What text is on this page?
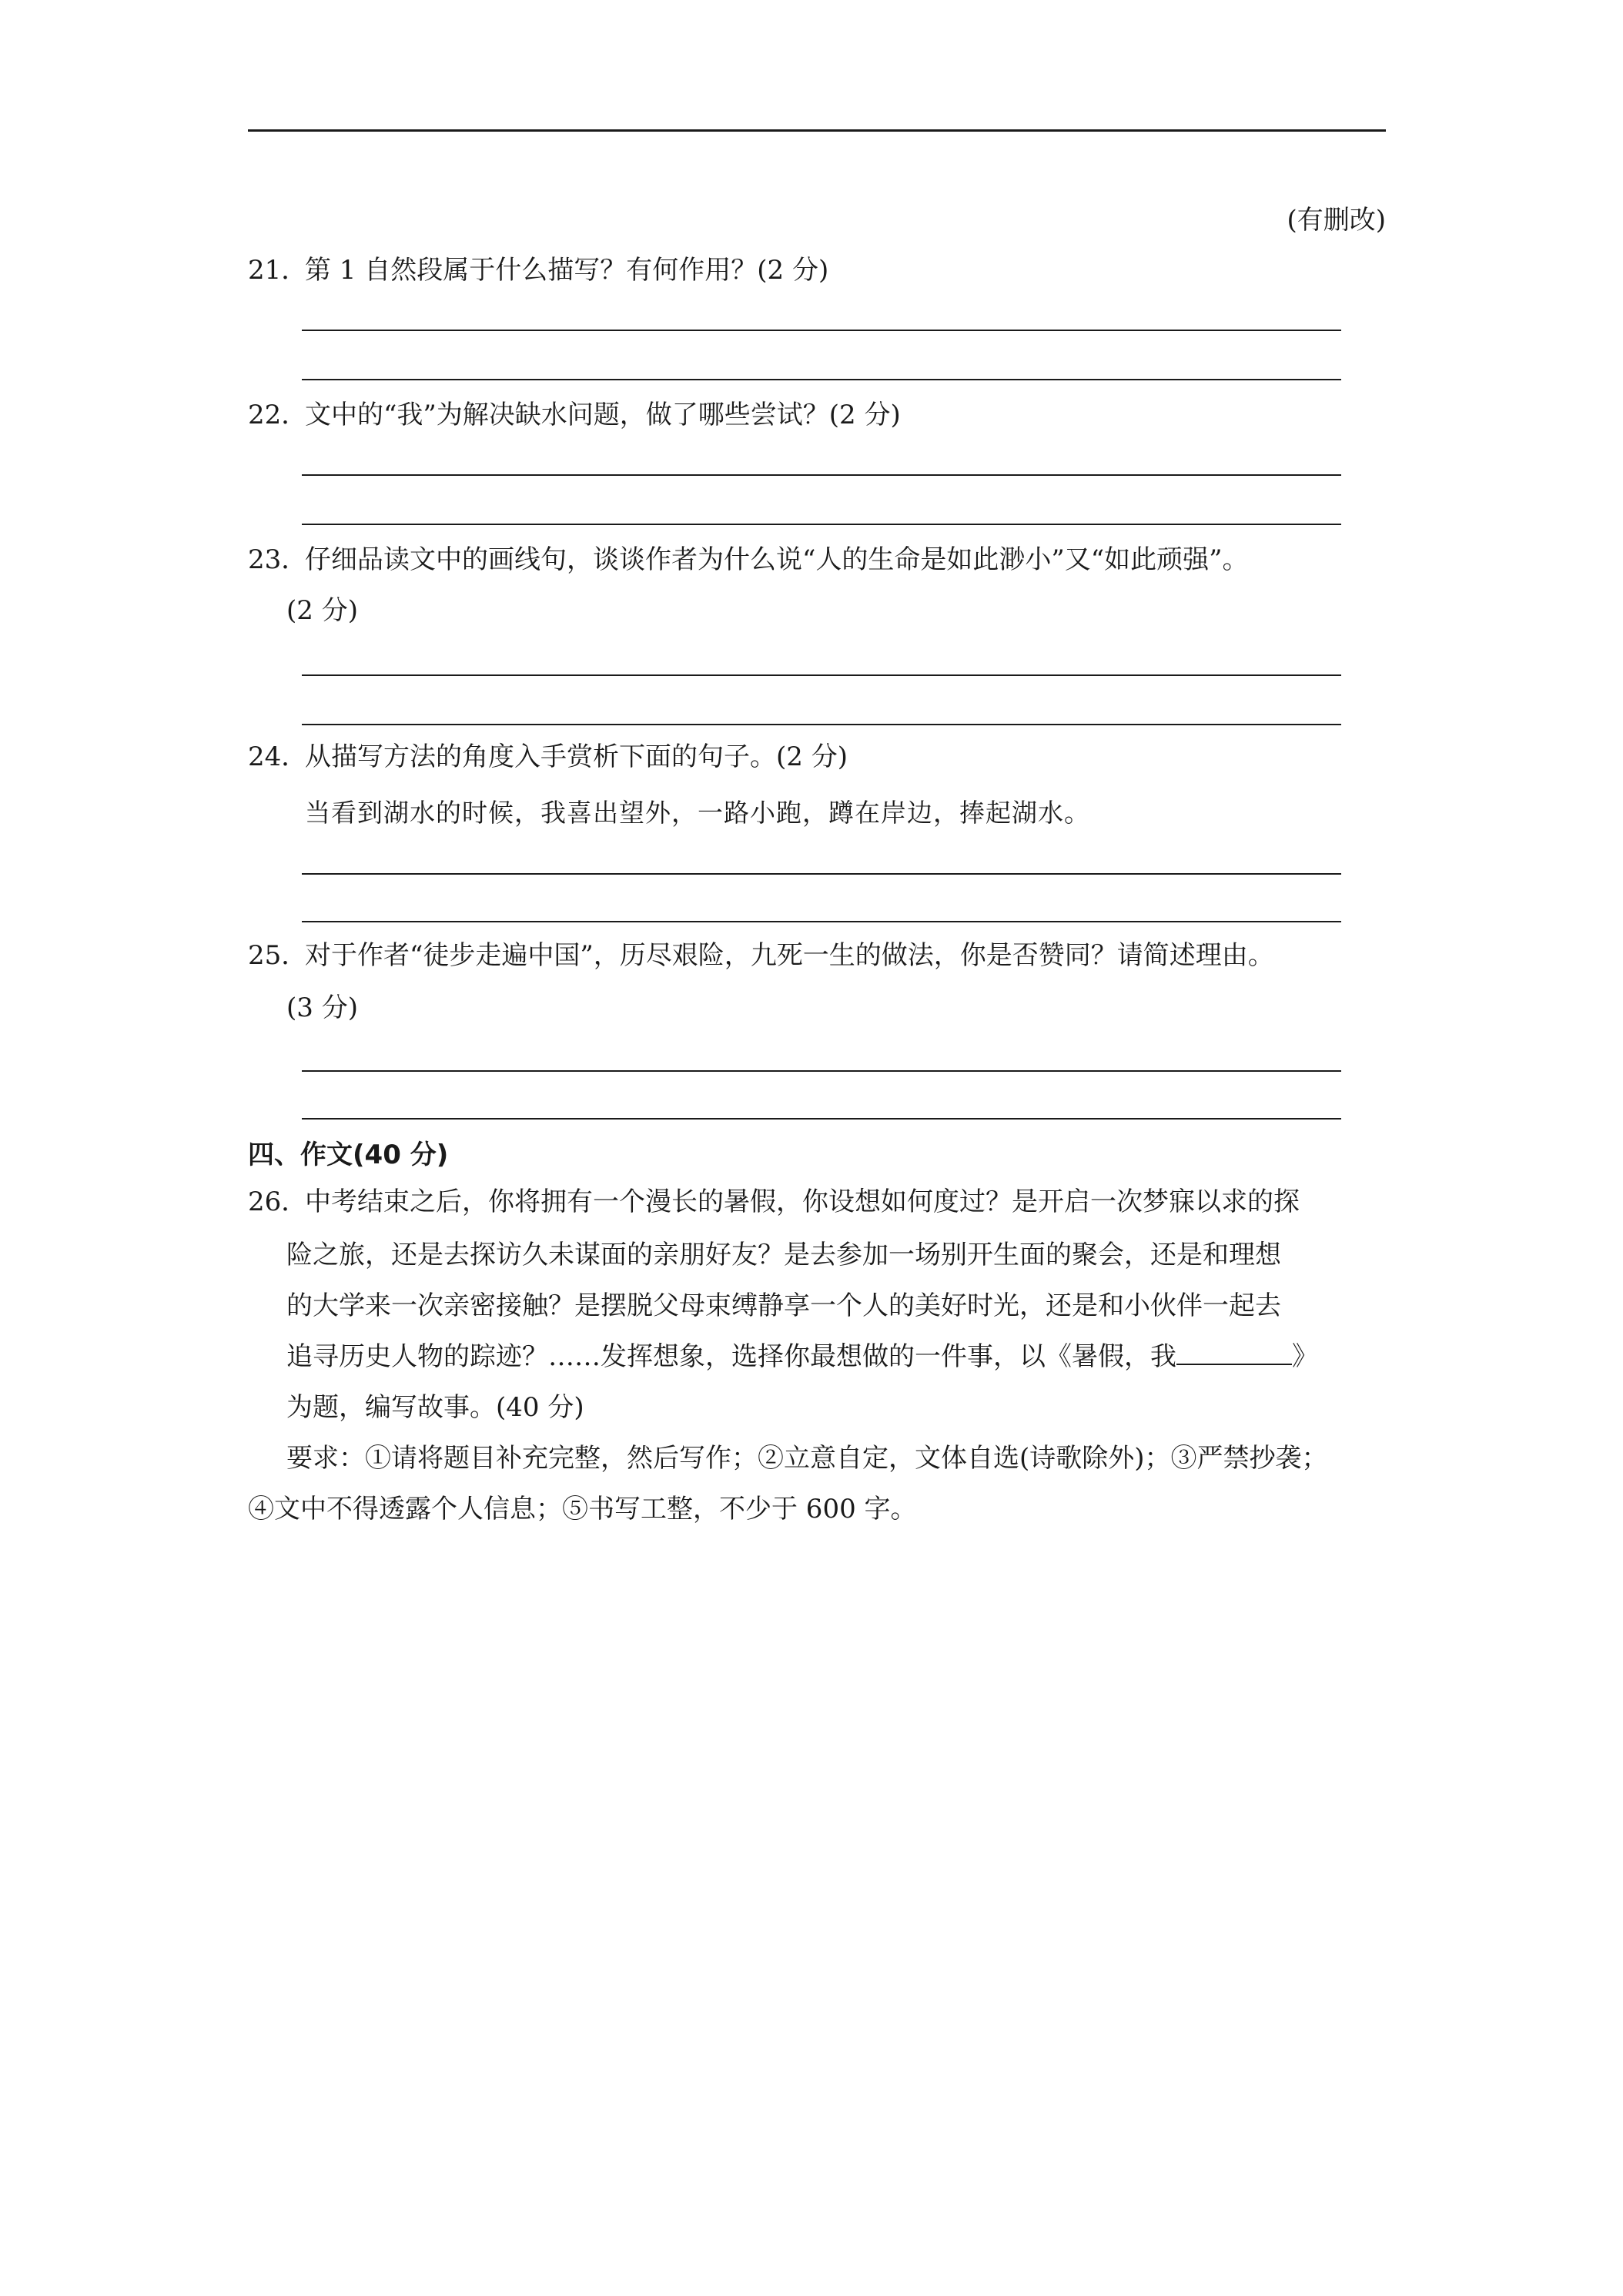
(有删改)
21．第 1 自然段属于什么描写？有何作用？(2 分)
22．文中的“我”为解决缺水问题，做了哪些尝试？(2 分)
23．仔细品读文中的画线句，谈谈作者为什么说“人的生命是如此渺小”又“如此顽强”。
(2 分)
24．从描写方法的角度入手赏析下面的句子。(2 分)
当看到湖水的时候，我喜出望外，一路小跑，蹲在岸边，捧起湖水。
25．对于作者“徒步走遍中国”，历尽艰险，九死一生的做法，你是否赞同？请简述理由。
(3 分)
四、作文(40 分)
26．中考结束之后，你将拥有一个漫长的暑假，你设想如何度过？是开启一次梦寐以求的探
险之旅，还是去探访久未谋面的亲朋好友？是去参加一场别开生面的聚会，还是和理想
的大学来一次亲密接触？是摆脱父母束缚静享一个人的美好时光，还是和小伙伴一起去
追寻历史人物的踪迹？……发挥想象，选择你最想做的一件事，以《暑假，我	》
为题，编写故事。(40 分)
要求：①请将题目补充完整，然后写作；②立意自定，文体自选(诗歌除外)；③严禁抄袭；
④文中不得透露个人信息；⑤书写工整，不少于 600 字。
